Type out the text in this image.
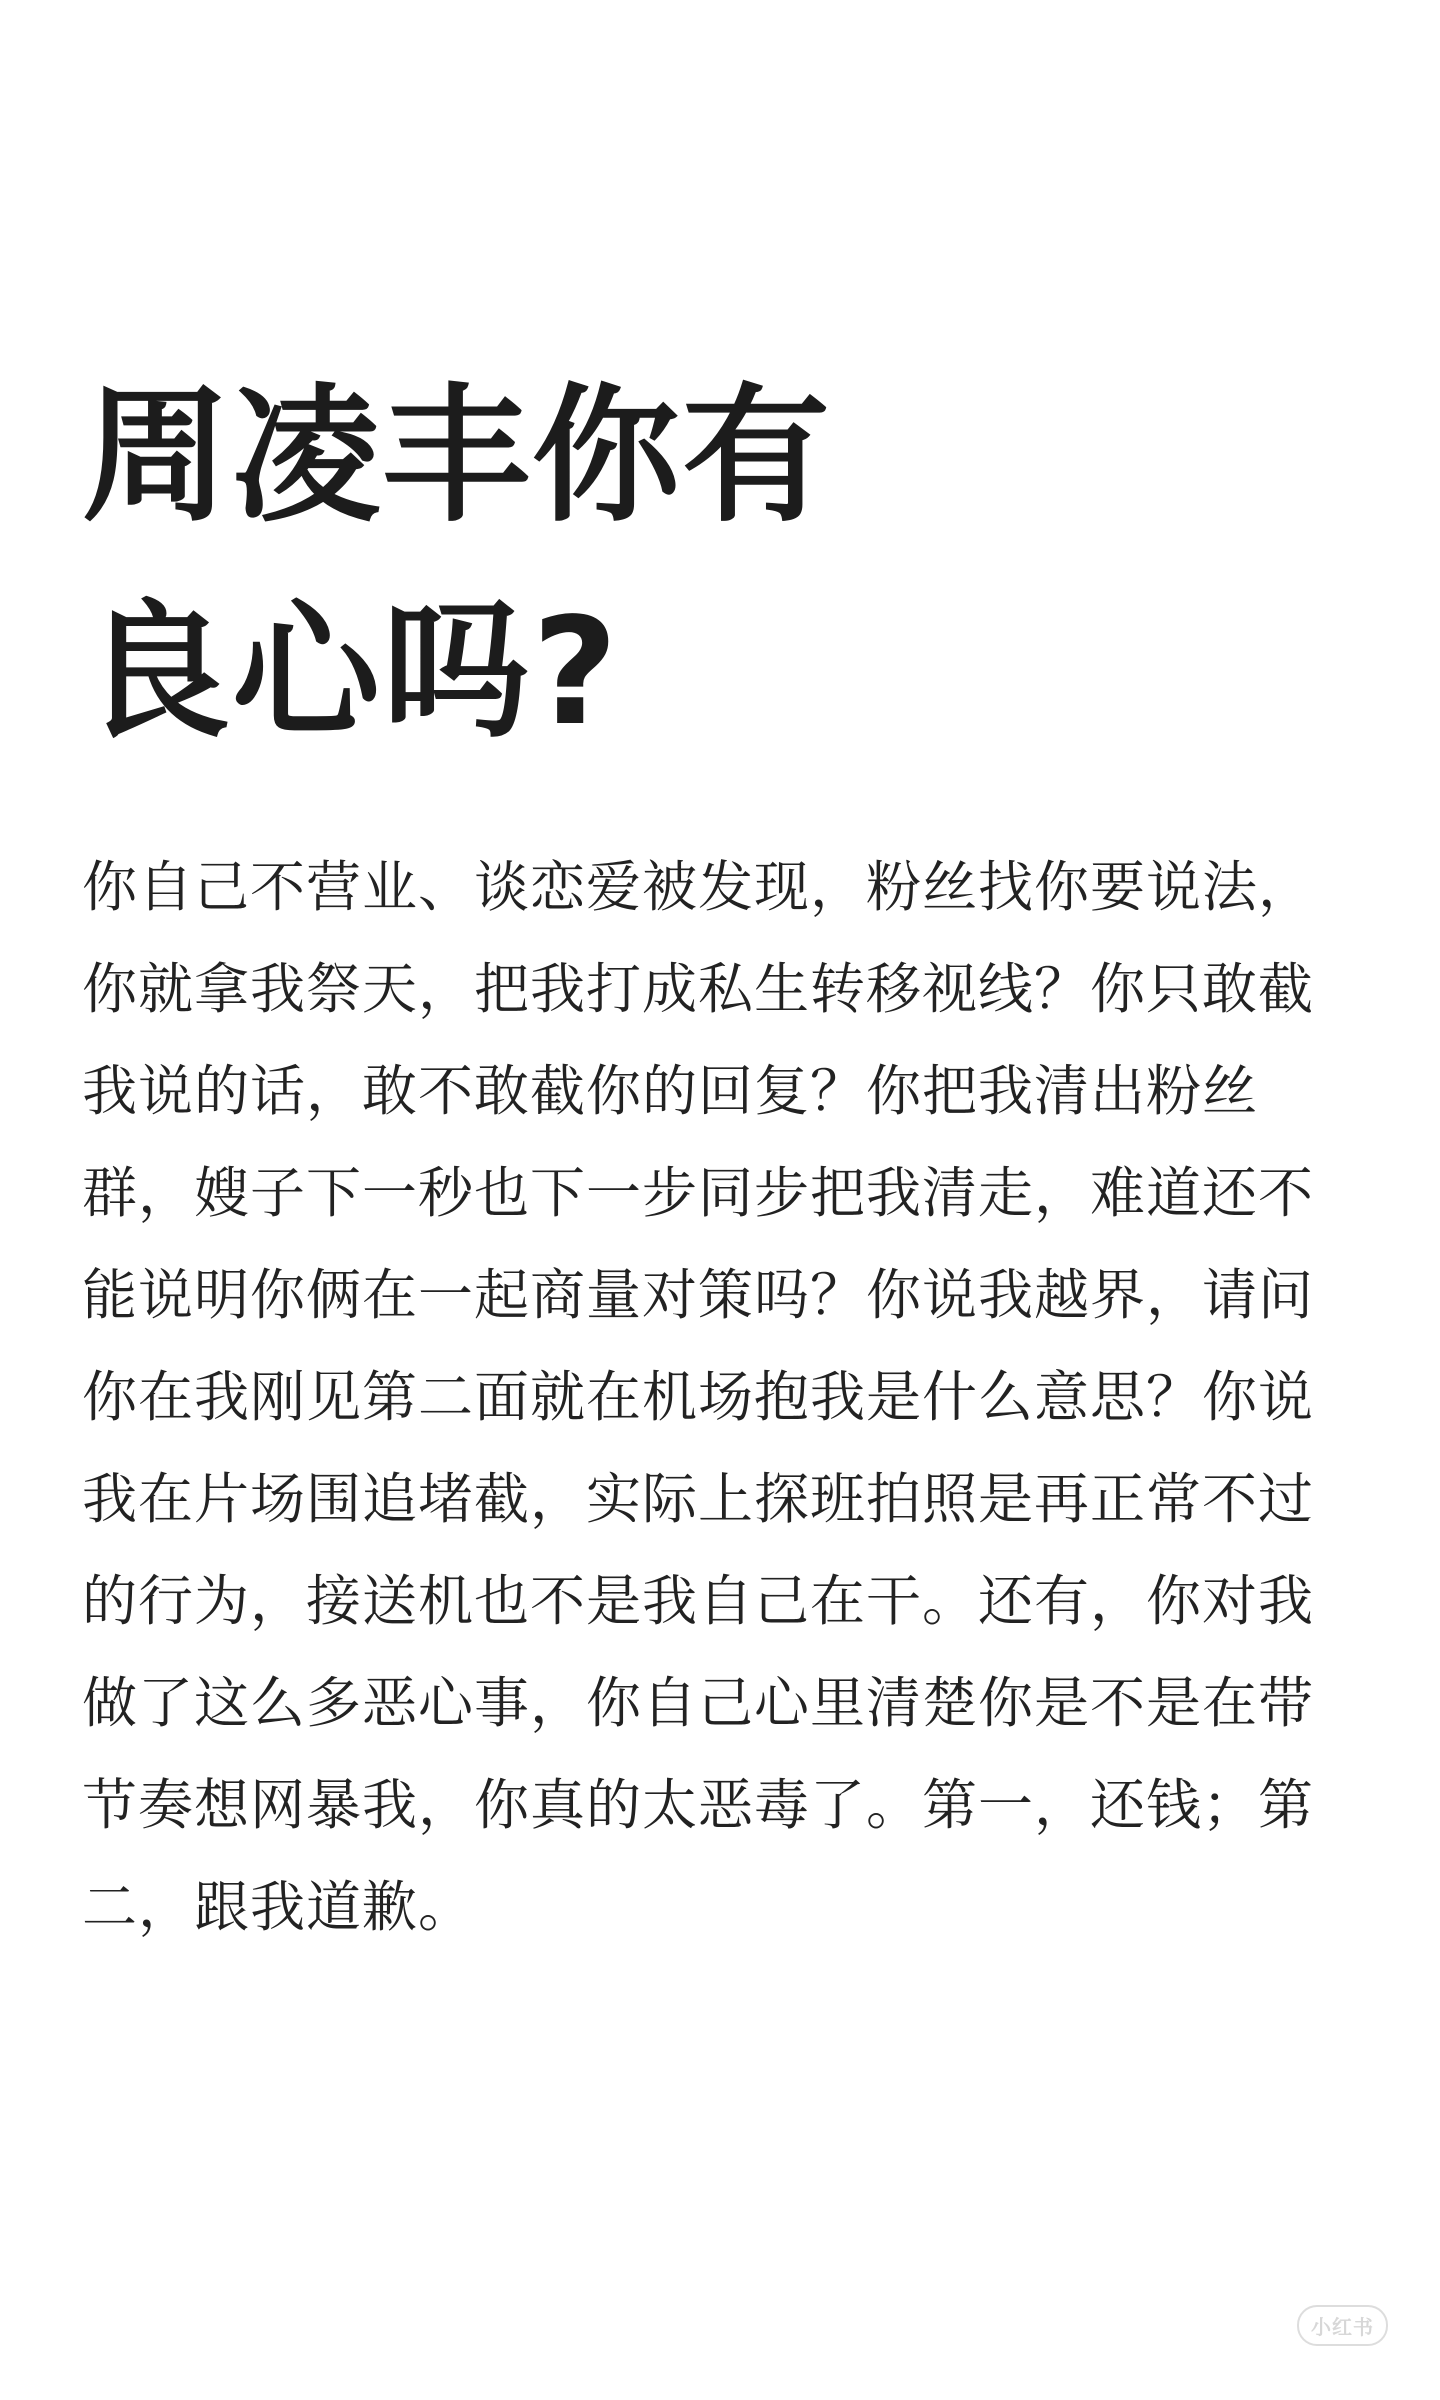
周凌丰你有
良心吗?
你自己不营业、谈恋爱被发现，粉丝找你要说法，
你就拿我祭天，把我打成私生转移视线？你只敢截
我说的话，敢不敢截你的回复？你把我清出粉丝
群，嫂子下一秒也下一步同步把我清走，难道还不
能说明你俩在一起商量对策吗？你说我越界，请问
你在我刚见第二面就在机场抱我是什么意思？你说
我在片场围追堵截，实际上探班拍照是再正常不过
的行为，接送机也不是我自己在干。还有，你对我
做了这么多恶心事，你自己心里清楚你是不是在带
节奏想网暴我，你真的太恶毒了。第一，还钱；第
二，跟我道歉。
小红书
